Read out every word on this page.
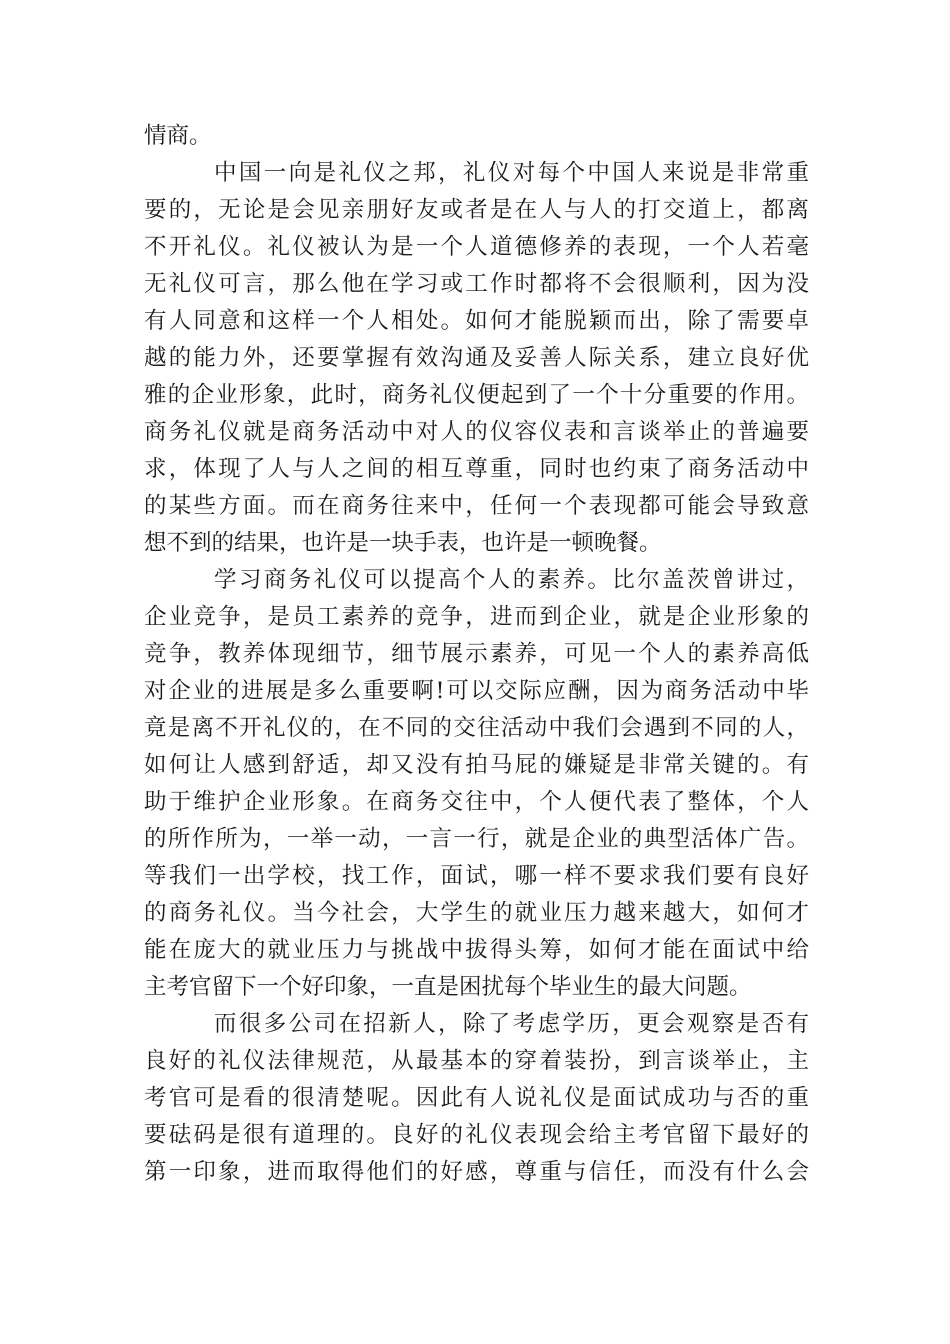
情商。
中国一向是礼仪之邦，礼仪对每个中国人来说是非常重
要的，无论是会见亲朋好友或者是在人与人的打交道上，都离
不开礼仪。礼仪被认为是一个人道德修养的表现，一个人若毫
无礼仪可言，那么他在学习或工作时都将不会很顺利，因为没
有人同意和这样一个人相处。如何才能脱颖而出，除了需要卓
越的能力外，还要掌握有效沟通及妥善人际关系，建立良好优
雅的企业形象，此时，商务礼仪便起到了一个十分重要的作用。
商务礼仪就是商务活动中对人的仪容仪表和言谈举止的普遍要
求，体现了人与人之间的相互尊重，同时也约束了商务活动中
的某些方面。而在商务往来中，任何一个表现都可能会导致意
想不到的结果，也许是一块手表，也许是一顿晚餐。
学习商务礼仪可以提高个人的素养。比尔盖茨曾讲过，
企业竞争，是员工素养的竞争，进而到企业，就是企业形象的
竞争，教养体现细节，细节展示素养，可见一个人的素养高低
对企业的进展是多么重要啊!可以交际应酬，因为商务活动中毕
竟是离不开礼仪的，在不同的交往活动中我们会遇到不同的人，
如何让人感到舒适，却又没有拍马屁的嫌疑是非常关键的。有
助于维护企业形象。在商务交往中，个人便代表了整体，个人
的所作所为，一举一动，一言一行，就是企业的典型活体广告。
等我们一出学校，找工作，面试，哪一样不要求我们要有良好
的商务礼仪。当今社会，大学生的就业压力越来越大，如何才
能在庞大的就业压力与挑战中拔得头筹，如何才能在面试中给
主考官留下一个好印象，一直是困扰每个毕业生的最大问题。
而很多公司在招新人，除了考虑学历，更会观察是否有
良好的礼仪法律规范，从最基本的穿着装扮，到言谈举止，主
考官可是看的很清楚呢。因此有人说礼仪是面试成功与否的重
要砝码是很有道理的。良好的礼仪表现会给主考官留下最好的
第一印象，进而取得他们的好感，尊重与信任，而没有什么会
